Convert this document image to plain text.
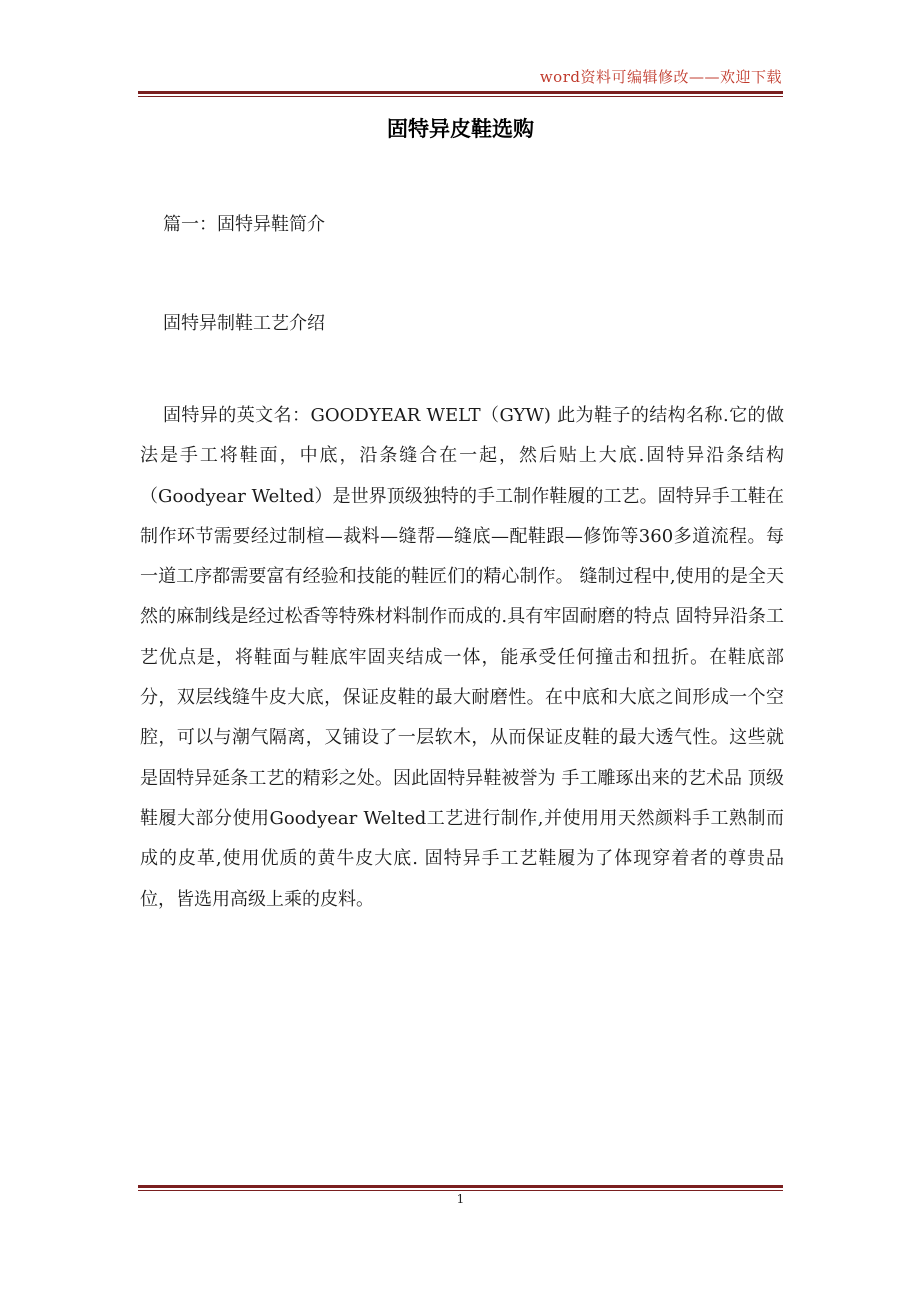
word资料可编辑修改——欢迎下载
固特异皮鞋选购

篇一：固特异鞋简介

固特异制鞋工艺介绍

固特异的英文名：GOODYEAR WELT（GYW) 此为鞋子的结构名称.它的做法是手工将鞋面，中底，沿条缝合在一起，然后贴上大底.固特异沿条结构（Goodyear Welted）是世界顶级独特的手工制作鞋履的工艺。固特异手工鞋在制作环节需要经过制楦—裁料—缝帮—缝底—配鞋跟—修饰等360多道流程。每一道工序都需要富有经验和技能的鞋匠们的精心制作。 缝制过程中,使用的是全天然的麻制线是经过松香等特殊材料制作而成的.具有牢固耐磨的特点 固特异沿条工艺优点是，将鞋面与鞋底牢固夹结成一体，能承受任何撞击和扭折。在鞋底部分，双层线缝牛皮大底，保证皮鞋的最大耐磨性。在中底和大底之间形成一个空腔，可以与潮气隔离，又铺设了一层软木，从而保证皮鞋的最大透气性。这些就是固特异延条工艺的精彩之处。因此固特异鞋被誉为 手工雕琢出来的艺术品 顶级鞋履大部分使用Goodyear Welted工艺进行制作,并使用用天然颜料手工熟制而成的皮革,使用优质的黄牛皮大底. 固特异手工艺鞋履为了体现穿着者的尊贵品位，皆选用高级上乘的皮料。

1
